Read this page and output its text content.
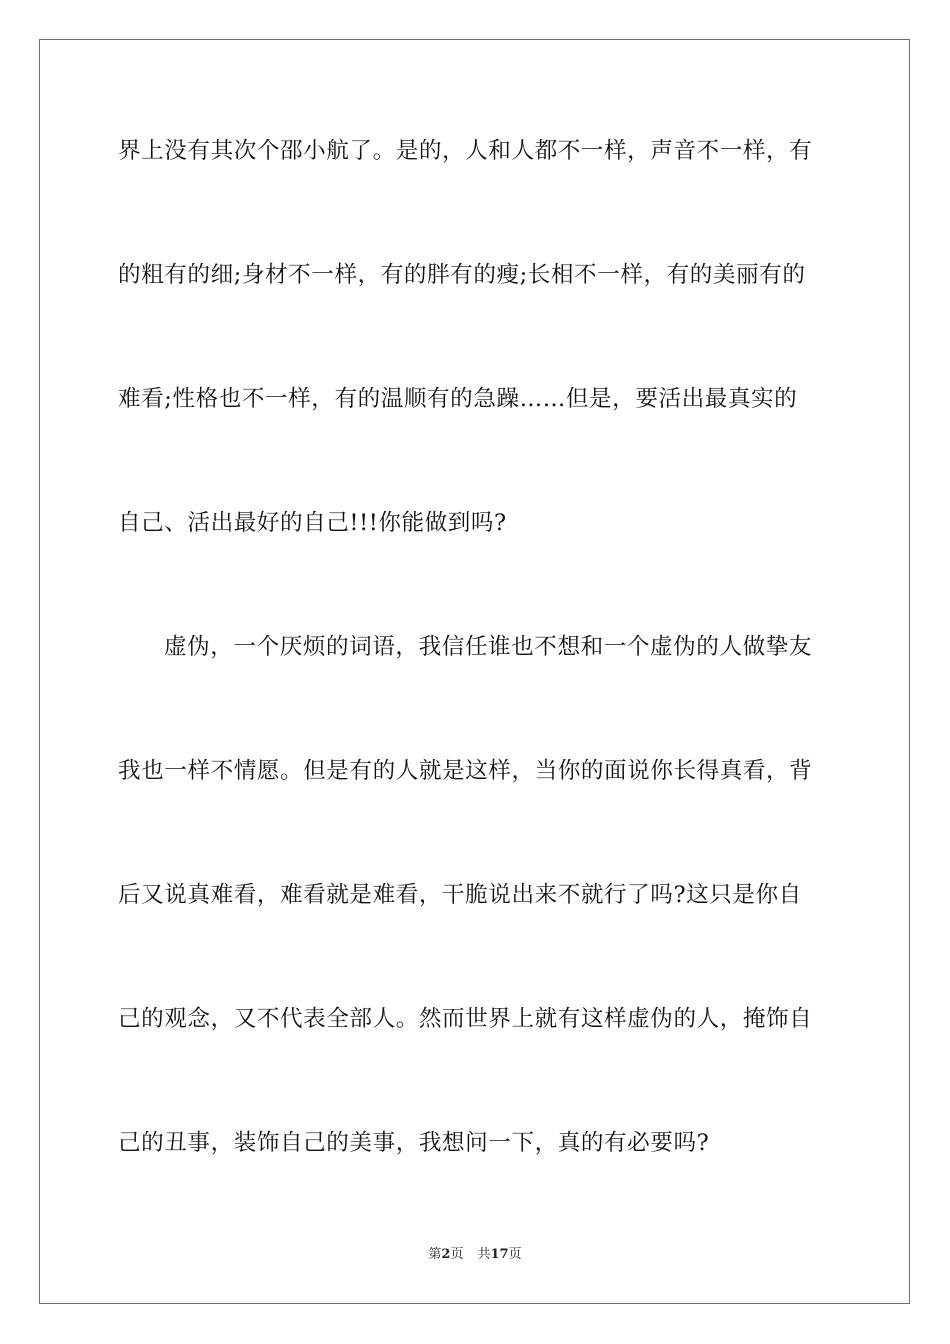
界上没有其次个邵小航了。是的，人和人都不一样，声音不一样，有
的粗有的细;身材不一样，有的胖有的瘦;长相不一样，有的美丽有的
难看;性格也不一样，有的温顺有的急躁……但是，要活出最真实的
自己、活出最好的自己!!!你能做到吗?
虚伪，一个厌烦的词语，我信任谁也不想和一个虚伪的人做挚友
我也一样不情愿。但是有的人就是这样，当你的面说你长得真看，背
后又说真难看，难看就是难看，干脆说出来不就行了吗?这只是你自
己的观念，又不代表全部人。然而世界上就有这样虚伪的人，掩饰自
己的丑事，装饰自己的美事，我想问一下，真的有必要吗?
第2页 共17页
